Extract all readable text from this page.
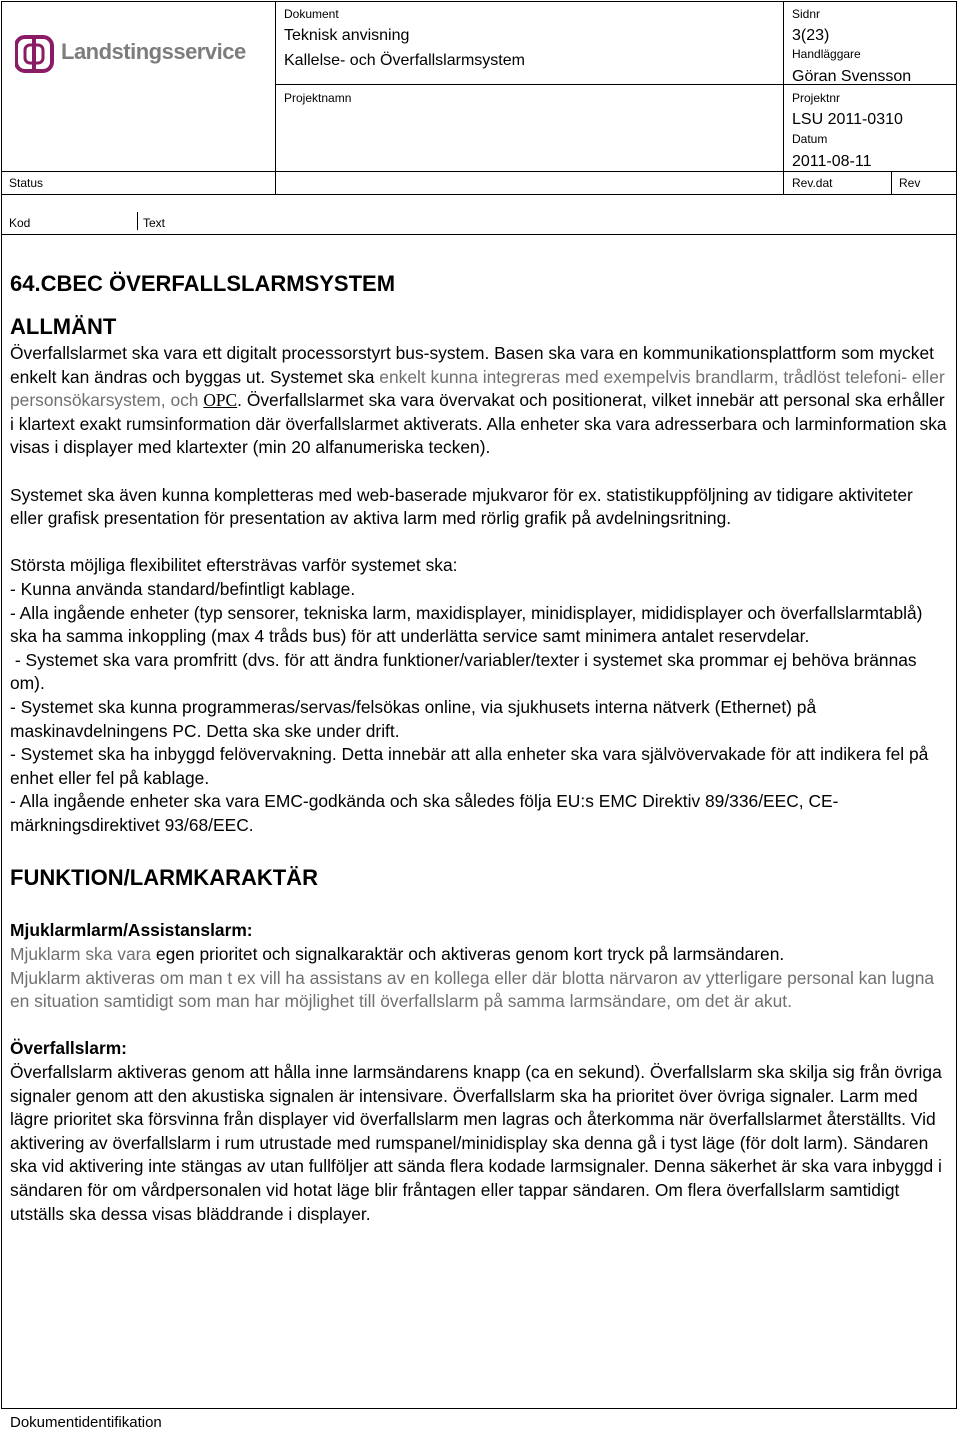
Landstingsservice
Dokument
Teknisk anvisning
Kallelse- och Överfallslarmsystem
Sidnr
3(23)
Handläggare
Göran Svensson
Projektnamn	Projektnr
LSU 2011-0310
Datum
2011-08-11
Status	Rev.dat	Rev
Kod	Text
64.CBEC ÖVERFALLSLARMSYSTEM
ALLMÄNT

Överfallslarmet ska vara ett digitalt processorstyrt bus-system. Basen ska vara en kommunikationsplattform som mycket enkelt kan ändras och byggas ut. Systemet ska enkelt kunna integreras med exempelvis brandlarm, trådlöst telefoni- eller personsökarsystem, och OPC. Överfallslarmet ska vara övervakat och positionerat, vilket innebär att personal ska erhåller i klartext exakt rumsinformation där överfallslarmet aktiverats. Alla enheter ska vara adresserbara och larminformation ska visas i displayer med klartexter (min 20 alfanumeriska tecken).

Systemet ska även kunna kompletteras med web-baserade mjukvaror för ex. statistikuppföljning av tidigare aktiviteter eller grafisk presentation för presentation av aktiva larm med rörlig grafik på avdelningsritning.

Största möjliga flexibilitet eftersträvas varför systemet ska:

- Kunna använda standard/befintligt kablage.

- Alla ingående enheter (typ sensorer, tekniska larm, maxidisplayer, minidisplayer, mididisplayer och överfallslarmtablå) ska ha samma inkoppling (max 4 tråds bus) för att underlätta service samt minimera antalet reservdelar.

- Systemet ska vara promfritt (dvs. för att ändra funktioner/variabler/texter i systemet ska prommar ej behöva brännas om).

- Systemet ska kunna programmeras/servas/felsökas online, via sjukhusets interna nätverk (Ethernet) på maskinavdelningens PC. Detta ska ske under drift.

- Systemet ska ha inbyggd felövervakning. Detta innebär att alla enheter ska vara självövervakade för att indikera fel på enhet eller fel på kablage.

- Alla ingående enheter ska vara EMC-godkända och ska således följa EU:s EMC Direktiv 89/336/EEC, CE-märkningsdirektivet 93/68/EEC.

FUNKTION/LARMKARAKTÄR
Mjuklarmlarm/Assistanslarm:

Mjuklarm ska vara egen prioritet och signalkaraktär och aktiveras genom kort tryck på larmsändaren.

Mjuklarm aktiveras om man t ex vill ha assistans av en kollega eller där blotta närvaron av ytterligare personal kan lugna en situation samtidigt som man har möjlighet till överfallslarm på samma larmsändare, om det är akut.

Överfallslarm:

Överfallslarm aktiveras genom att hålla inne larmsändarens knapp (ca en sekund). Överfallslarm ska skilja sig från övriga signaler genom att den akustiska signalen är intensivare. Överfallslarm ska ha prioritet över övriga signaler. Larm med lägre prioritet ska försvinna från displayer vid överfallslarm men lagras och återkomma när överfallslarmet återställts. Vid aktivering av överfallslarm i rum utrustade med rumspanel/minidisplay ska denna gå i tyst läge (för dolt larm). Sändaren ska vid aktivering inte stängas av utan fullföljer att sända flera kodade larmsignaler. Denna säkerhet är ska vara inbyggd i sändaren för om vårdpersonalen vid hotat läge blir fråntagen eller tappar sändaren. Om flera överfallslarm samtidigt utställs ska dessa visas bläddrande i displayer.

Dokumentidentifikation
